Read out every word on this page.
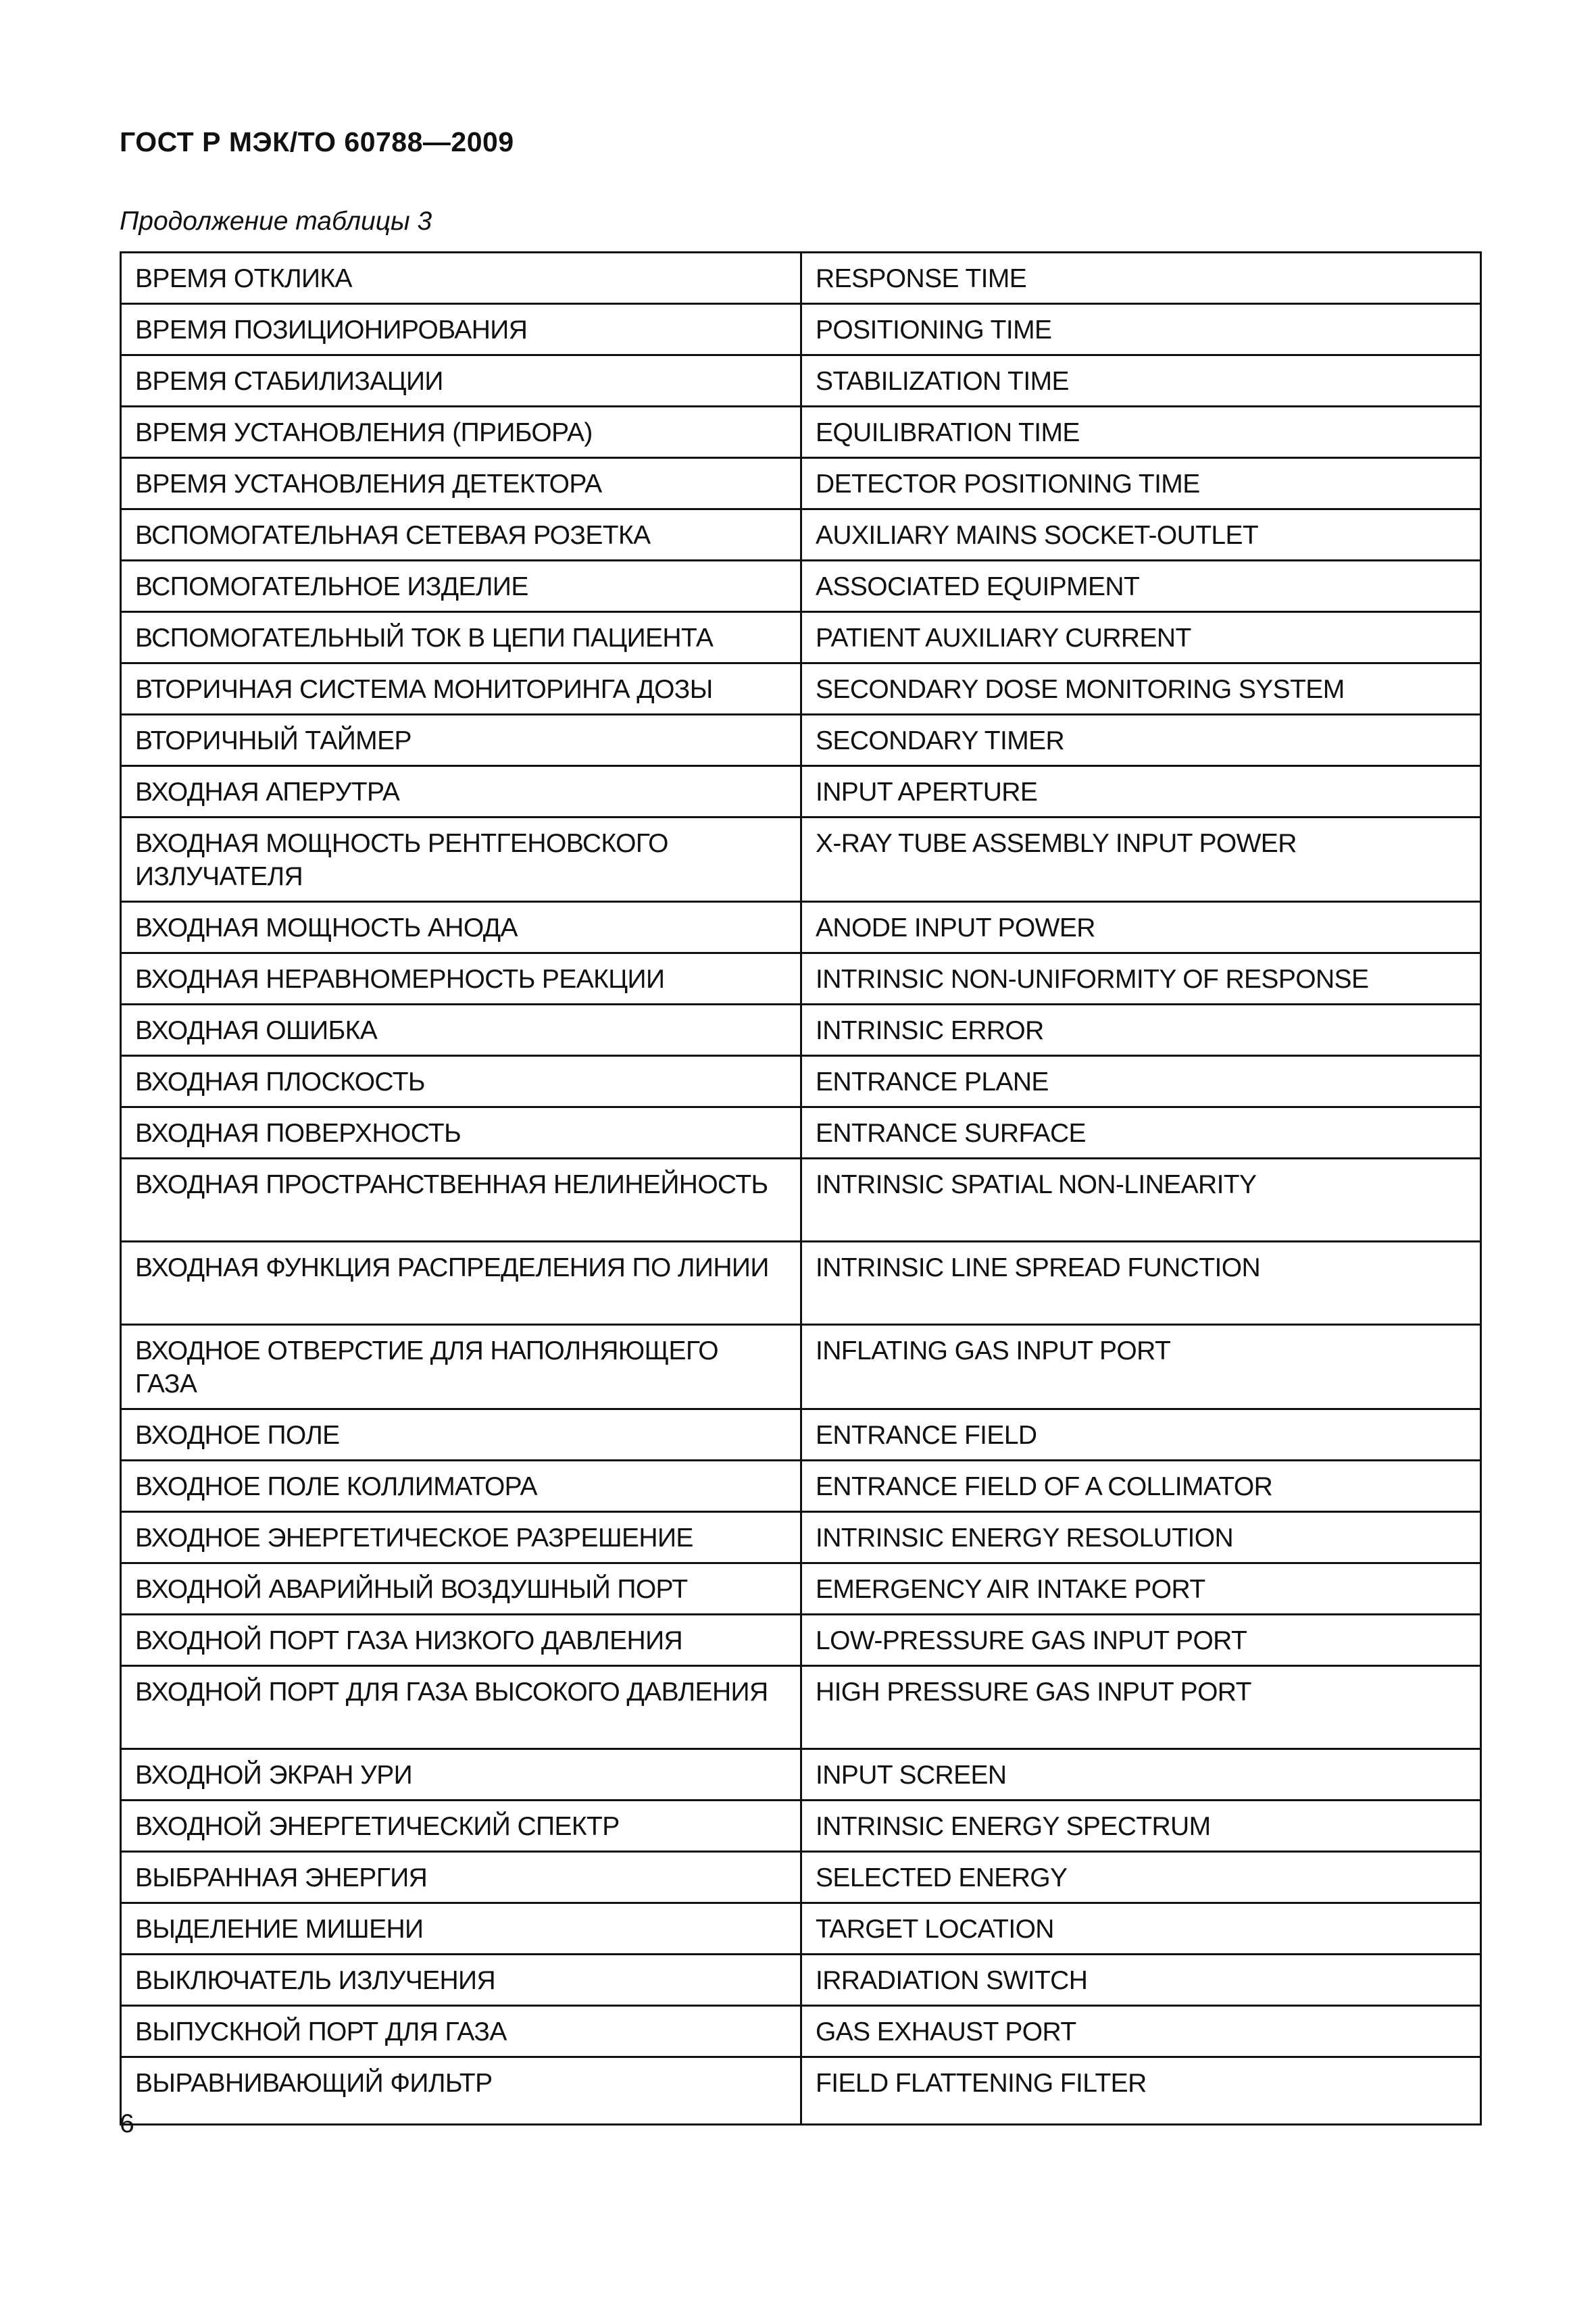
ГОСТ Р МЭК/ТО 60788—2009
Продолжение таблицы 3
ВРЕМЯ ОТКЛИКА	RESPONSE TIME
ВРЕМЯ ПОЗИЦИОНИРОВАНИЯ	POSITIONING TIME
ВРЕМЯ СТАБИЛИЗАЦИИ	STABILIZATION TIME
ВРЕМЯ УСТАНОВЛЕНИЯ (ПРИБОРА)	EQUILIBRATION TIME
ВРЕМЯ УСТАНОВЛЕНИЯ ДЕТЕКТОРА	DETECTOR POSITIONING TIME
ВСПОМОГАТЕЛЬНАЯ СЕТЕВАЯ РОЗЕТКА	AUXILIARY MAINS SOCKET-OUTLET
ВСПОМОГАТЕЛЬНОЕ ИЗДЕЛИЕ	ASSOCIATED EQUIPMENT
ВСПОМОГАТЕЛЬНЫЙ ТОК В ЦЕПИ ПАЦИЕНТА	PATIENT AUXILIARY CURRENT
ВТОРИЧНАЯ СИСТЕМА МОНИТОРИНГА ДОЗЫ	SECONDARY DOSE MONITORING SYSTEM
ВТОРИЧНЫЙ ТАЙМЕР	SECONDARY TIMER
ВХОДНАЯ АПЕРУТРА	INPUT APERTURE
ВХОДНАЯ МОЩНОСТЬ РЕНТГЕНОВСКОГО ИЗЛУЧАТЕЛЯ	X-RAY TUBE ASSEMBLY INPUT POWER
ВХОДНАЯ МОЩНОСТЬ АНОДА	ANODE INPUT POWER
ВХОДНАЯ НЕРАВНОМЕРНОСТЬ РЕАКЦИИ	INTRINSIC NON-UNIFORMITY OF RESPONSE
ВХОДНАЯ ОШИБКА	INTRINSIC ERROR
ВХОДНАЯ ПЛОСКОСТЬ	ENTRANCE PLANE
ВХОДНАЯ ПОВЕРХНОСТЬ	ENTRANCE SURFACE
ВХОДНАЯ ПРОСТРАНСТВЕННАЯ НЕЛИНЕЙНОСТЬ	INTRINSIC SPATIAL NON-LINEARITY
ВХОДНАЯ ФУНКЦИЯ РАСПРЕДЕЛЕНИЯ ПО ЛИНИИ	INTRINSIC LINE SPREAD FUNCTION
ВХОДНОЕ ОТВЕРСТИЕ ДЛЯ НАПОЛНЯЮЩЕГО ГАЗА	INFLATING GAS INPUT PORT
ВХОДНОЕ ПОЛЕ	ENTRANCE FIELD
ВХОДНОЕ ПОЛЕ КОЛЛИМАТОРА	ENTRANCE FIELD OF A COLLIMATOR
ВХОДНОЕ ЭНЕРГЕТИЧЕСКОЕ РАЗРЕШЕНИЕ	INTRINSIC ENERGY RESOLUTION
ВХОДНОЙ АВАРИЙНЫЙ ВОЗДУШНЫЙ ПОРТ	EMERGENCY AIR INTAKE PORT
ВХОДНОЙ ПОРТ ГАЗА НИЗКОГО ДАВЛЕНИЯ	LOW-PRESSURE GAS INPUT PORT
ВХОДНОЙ ПОРТ ДЛЯ ГАЗА ВЫСОКОГО ДАВЛЕНИЯ	HIGH PRESSURE GAS INPUT PORT
ВХОДНОЙ ЭКРАН УРИ	INPUT SCREEN
ВХОДНОЙ ЭНЕРГЕТИЧЕСКИЙ СПЕКТР	INTRINSIC ENERGY SPECTRUM
ВЫБРАННАЯ ЭНЕРГИЯ	SELECTED ENERGY
ВЫДЕЛЕНИЕ МИШЕНИ	TARGET LOCATION
ВЫКЛЮЧАТЕЛЬ ИЗЛУЧЕНИЯ	IRRADIATION SWITCH
ВЫПУСКНОЙ ПОРТ ДЛЯ ГАЗА	GAS EXHAUST PORT
ВЫРАВНИВАЮЩИЙ ФИЛЬТР	FIELD FLATTENING FILTER
6
